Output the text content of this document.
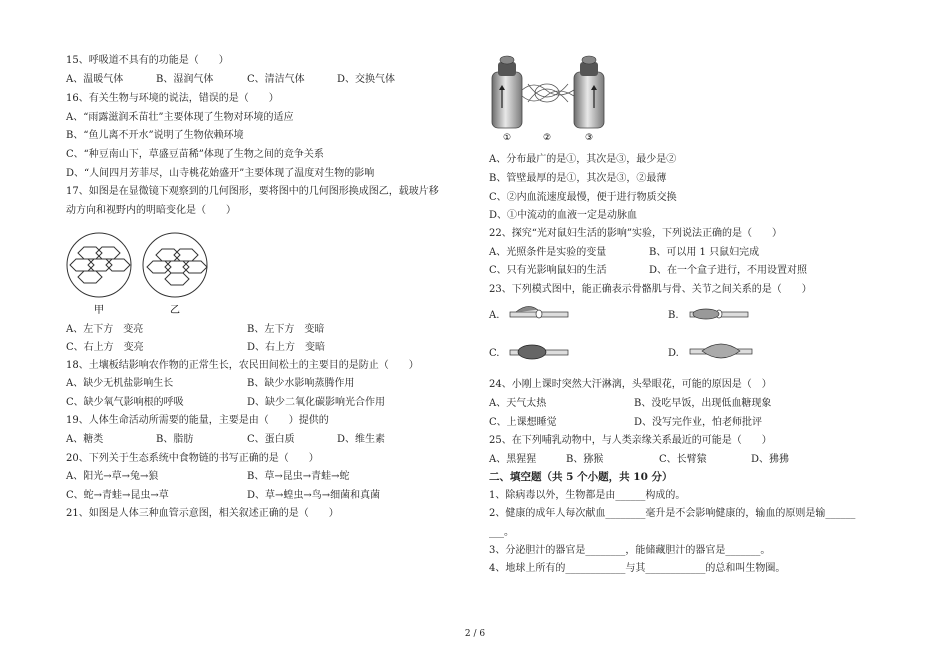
15、呼吸道不具有的功能是（　　）
A、温暖气体	B、湿润气体	C、清洁气体	D、交换气体
16、有关生物与环境的说法，错误的是（　　）
A、“雨露滋润禾苗壮”主要体现了生物对环境的适应
B、“鱼儿离不开水”说明了生物依赖环境
C、“种豆南山下，草盛豆苗稀”体现了生物之间的竞争关系
D、“人间四月芳菲尽，山寺桃花始盛开”主要体现了温度对生物的影响
17、如图是在显微镜下观察到的几何图形，要将图中的几何图形换成图乙，载玻片移
动方向和视野内的明暗变化是（　　）
甲	乙
A、左下方　变亮	B、左下方　变暗
C、右上方　变亮	D、右上方　变暗
18、土壤板结影响农作物的正常生长，农民田间松土的主要目的是防止（　　）
A、缺少无机盐影响生长	B、缺少水影响蒸腾作用
C、缺少氧气影响根的呼吸	D、缺少二氧化碳影响光合作用
19、人体生命活动所需要的能量，主要是由（　　）提供的
A、糖类	B、脂肪	C、蛋白质	D、维生素
20、下列关于生态系统中食物链的书写正确的是（　　）
A、阳光→草→兔→狼	B、草→昆虫→青蛙→蛇
C、蛇→青蛙→昆虫→草	D、草→蝗虫→鸟→细菌和真菌
21、如图是人体三种血管示意图，相关叙述正确的是（　　）
①	②	③
A、分布最广的是①，其次是③，最少是②
B、管壁最厚的是①，其次是③，②最薄
C、②内血流速度最慢，便于进行物质交换
D、①中流动的血液一定是动脉血
22、探究“光对鼠妇生活的影响”实验，下列说法正确的是（　　）
A、光照条件是实验的变量	B、可以用 1 只鼠妇完成
C、只有光影响鼠妇的生活	D、在一个盒子进行，不用设置对照
23、下列模式图中，能正确表示骨骼肌与骨、关节之间关系的是（　　）
A.	B.
C.	D.
24、小刚上课时突然大汗淋漓，头晕眼花，可能的原因是（　）
A、天气太热	B、没吃早饭，出现低血糖现象
C、上课想睡觉	D、没写完作业，怕老师批评
25、在下列哺乳动物中，与人类亲缘关系最近的可能是（　　）
A、黑猩猩	B、猕猴	C、长臂猿	D、狒狒
二、填空题（共 5 个小题，共 10 分）
1、除病毒以外，生物都是由______构成的。
2、健康的成年人每次献血________毫升是不会影响健康的，输血的原则是输______
___。
3、分泌胆汁的器官是________，能储藏胆汁的器官是_______。
4、地球上所有的____________与其____________的总和叫生物圈。
2 / 6
